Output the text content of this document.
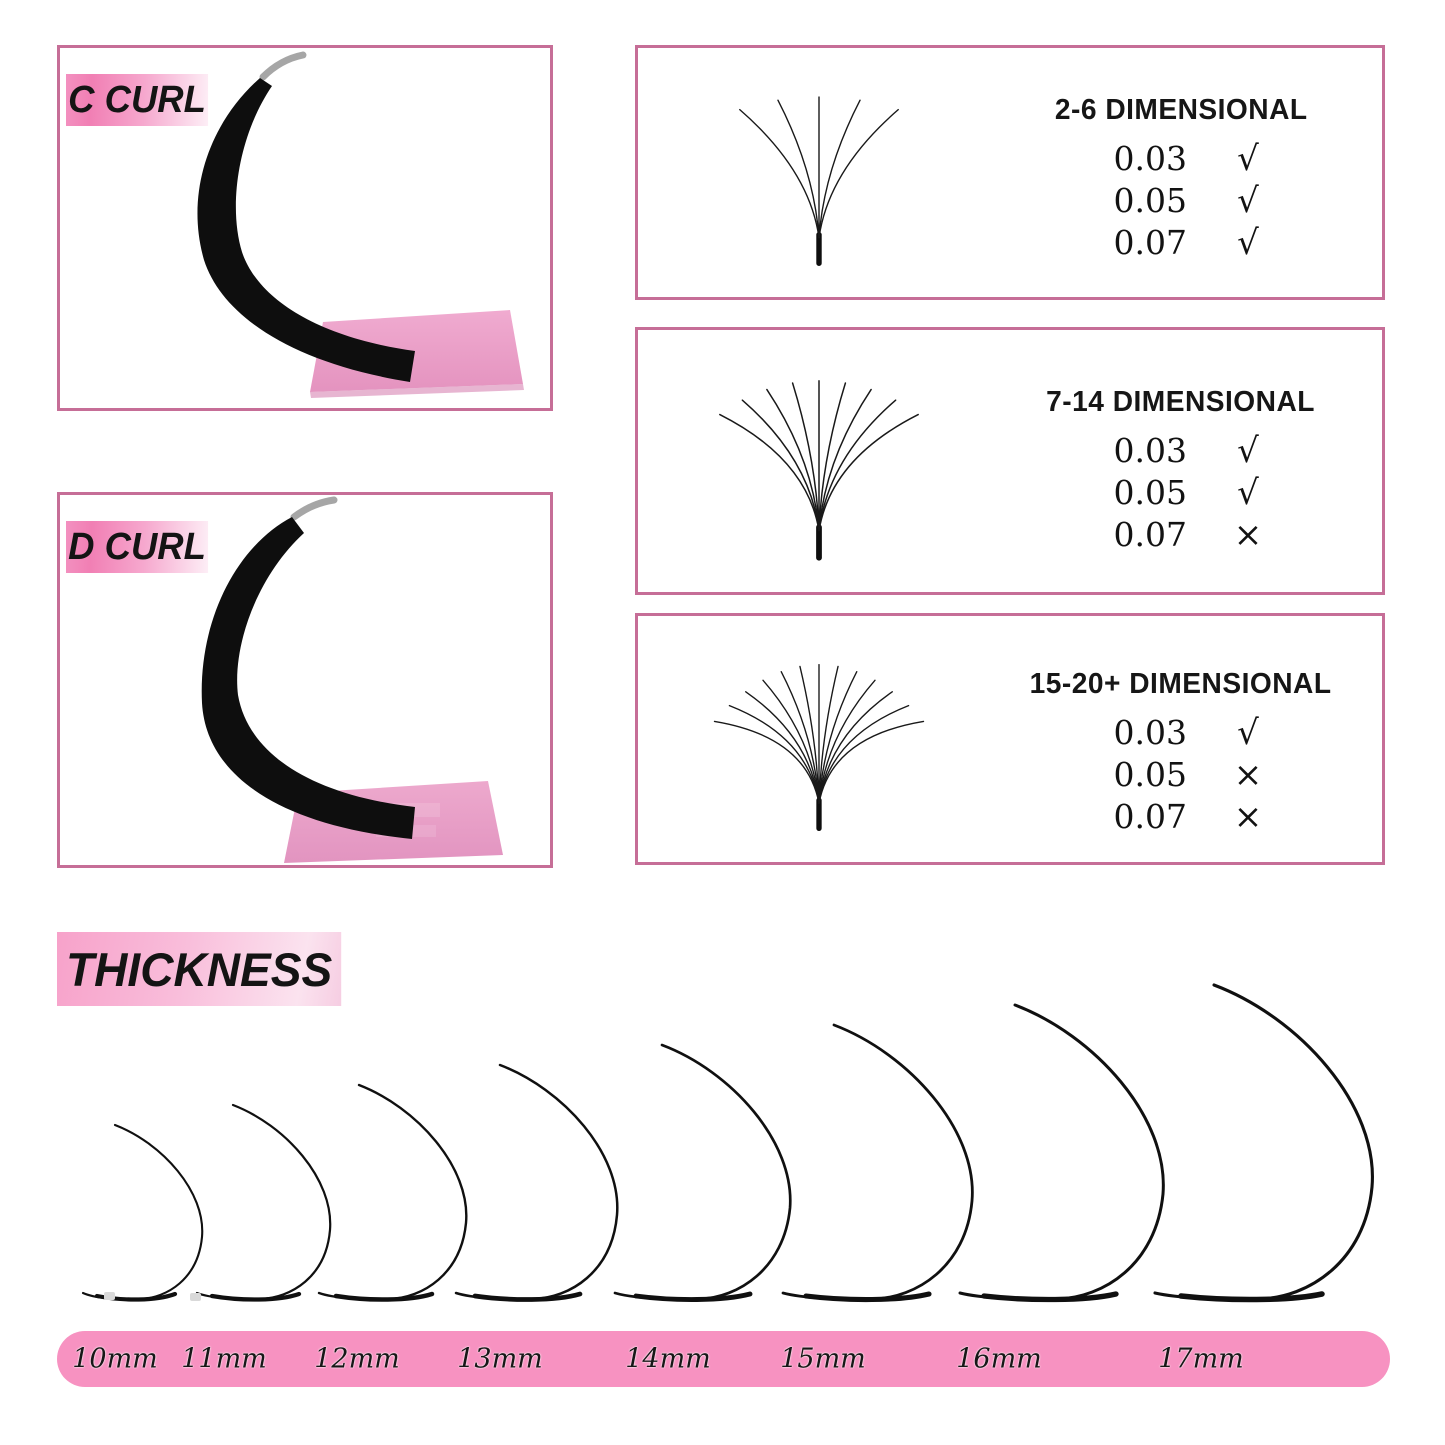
C CURL
D CURL
2-6 DIMENSIONAL
0.03	√
0.05	√
0.07	√
7-14 DIMENSIONAL
0.03	√
0.05	√
0.07	×
15-20+ DIMENSIONAL
0.03	√
0.05	×
0.07	×
THICKNESS
10mm 11mm 12mm 13mm	14mm	15mm	16mm	17mm
